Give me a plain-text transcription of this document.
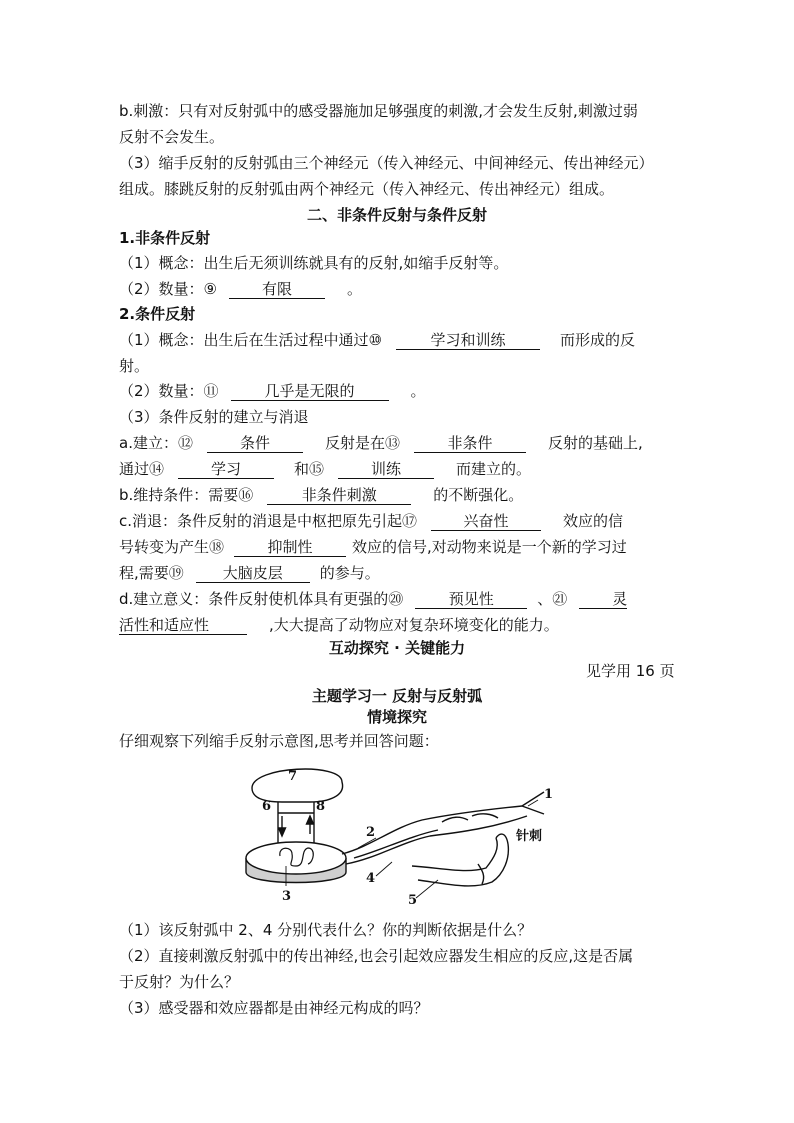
b.刺激：只有对反射弧中的感受器施加足够强度的刺激,才会发生反射,刺激过弱
反射不会发生。
（3）缩手反射的反射弧由三个神经元（传入神经元、中间神经元、传出神经元）
组成。膝跳反射的反射弧由两个神经元（传入神经元、传出神经元）组成。
二、非条件反射与条件反射
1.非条件反射
（1）概念：出生后无须训练就具有的反射,如缩手反射等。
（2）数量：⑨	有限	。
2.条件反射
（1）概念：出生后在生活过程中通过⑩	学习和训练	而形成的反
射。
（2）数量：⑪	几乎是无限的	。
（3）条件反射的建立与消退
a.建立：⑫	条件	反射是在⑬	非条件	反射的基础上,
通过⑭	学习	和⑮	训练	而建立的。
b.维持条件：需要⑯	非条件刺激	的不断强化。
c.消退：条件反射的消退是中枢把原先引起⑰	兴奋性	效应的信
号转变为产生⑱	抑制性	效应的信号,对动物来说是一个新的学习过
程,需要⑲	大脑皮层 的参与。
d.建立意义：条件反射使机体具有更强的⑳	预见性	、㉑	灵
活性和适应性	,大大提高了动物应对复杂环境变化的能力。
互动探究 · 关键能力
见学用 16 页
主题学习一 反射与反射弧
情境探究
仔细观察下列缩手反射示意图,思考并回答问题：
1
2
3
4
5
6
7
8
针刺
（1）该反射弧中 2、4 分别代表什么？你的判断依据是什么？
（2）直接刺激反射弧中的传出神经,也会引起效应器发生相应的反应,这是否属
于反射？为什么？
（3）感受器和效应器都是由神经元构成的吗？
